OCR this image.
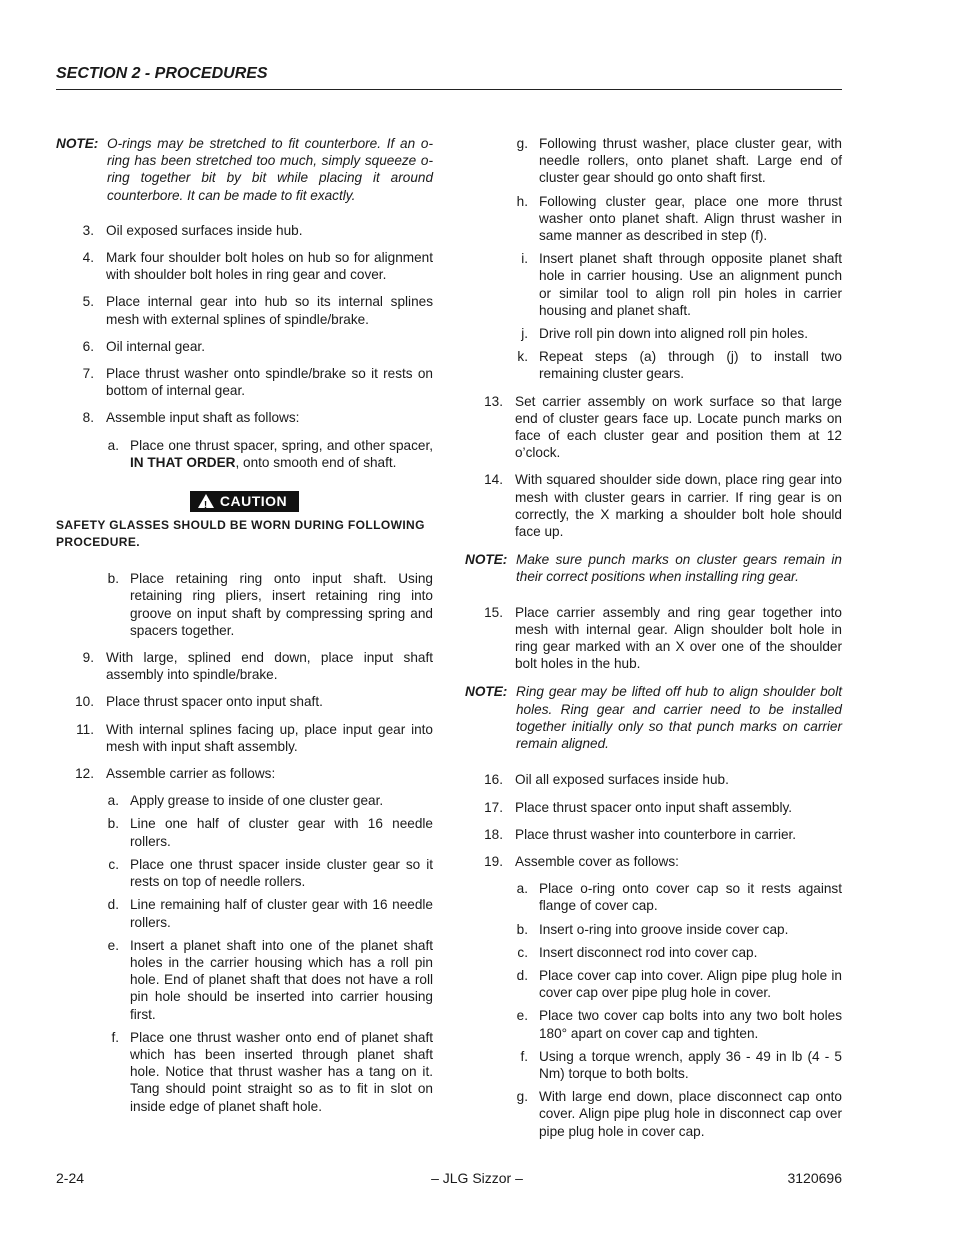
SECTION 2 - PROCEDURES
NOTE: O-rings may be stretched to fit counterbore. If an o-ring has been stretched too much, simply squeeze o-ring together bit by bit while placing it around counterbore. It can be made to fit exactly.
3. Oil exposed surfaces inside hub.
4. Mark four shoulder bolt holes on hub so for alignment with shoulder bolt holes in ring gear and cover.
5. Place internal gear into hub so its internal splines mesh with external splines of spindle/brake.
6. Oil internal gear.
7. Place thrust washer onto spindle/brake so it rests on bottom of internal gear.
8. Assemble input shaft as follows:
a. Place one thrust spacer, spring, and other spacer, IN THAT ORDER, onto smooth end of shaft.
! CAUTION
SAFETY GLASSES SHOULD BE WORN DURING FOLLOWING PROCEDURE.
b. Place retaining ring onto input shaft. Using retaining ring pliers, insert retaining ring into groove on input shaft by compressing spring and spacers together.
9. With large, splined end down, place input shaft assembly into spindle/brake.
10. Place thrust spacer onto input shaft.
11. With internal splines facing up, place input gear into mesh with input shaft assembly.
12. Assemble carrier as follows:
a. Apply grease to inside of one cluster gear.
b. Line one half of cluster gear with 16 needle rollers.
c. Place one thrust spacer inside cluster gear so it rests on top of needle rollers.
d. Line remaining half of cluster gear with 16 needle rollers.
e. Insert a planet shaft into one of the planet shaft holes in the carrier housing which has a roll pin hole. End of planet shaft that does not have a roll pin hole should be inserted into carrier housing first.
f. Place one thrust washer onto end of planet shaft which has been inserted through planet shaft hole. Notice that thrust washer has a tang on it. Tang should point straight so as to fit in slot on inside edge of planet shaft hole.
g. Following thrust washer, place cluster gear, with needle rollers, onto planet shaft. Large end of cluster gear should go onto shaft first.
h. Following cluster gear, place one more thrust washer onto planet shaft. Align thrust washer in same manner as described in step (f).
i. Insert planet shaft through opposite planet shaft hole in carrier housing. Use an alignment punch or similar tool to align roll pin holes in carrier housing and planet shaft.
j. Drive roll pin down into aligned roll pin holes.
k. Repeat steps (a) through (j) to install two remaining cluster gears.
13. Set carrier assembly on work surface so that large end of cluster gears face up. Locate punch marks on face of each cluster gear and position them at 12 o’clock.
14. With squared shoulder side down, place ring gear into mesh with cluster gears in carrier. If ring gear is on correctly, the X marking a shoulder bolt hole should face up.
NOTE: Make sure punch marks on cluster gears remain in their correct positions when installing ring gear.
15. Place carrier assembly and ring gear together into mesh with internal gear. Align shoulder bolt hole in ring gear marked with an X over one of the shoulder bolt holes in the hub.
NOTE: Ring gear may be lifted off hub to align shoulder bolt holes. Ring gear and carrier need to be installed together initially only so that punch marks on carrier remain aligned.
16. Oil all exposed surfaces inside hub.
17. Place thrust spacer onto input shaft assembly.
18. Place thrust washer into counterbore in carrier.
19. Assemble cover as follows:
a. Place o-ring onto cover cap so it rests against flange of cover cap.
b. Insert o-ring into groove inside cover cap.
c. Insert disconnect rod into cover cap.
d. Place cover cap into cover. Align pipe plug hole in cover cap over pipe plug hole in cover.
e. Place two cover cap bolts into any two bolt holes 180° apart on cover cap and tighten.
f. Using a torque wrench, apply 36 - 49 in lb (4 - 5 Nm) torque to both bolts.
g. With large end down, place disconnect cap onto cover. Align pipe plug hole in disconnect cap over pipe plug hole in cover cap.
2-24	– JLG Sizzor –	3120696
